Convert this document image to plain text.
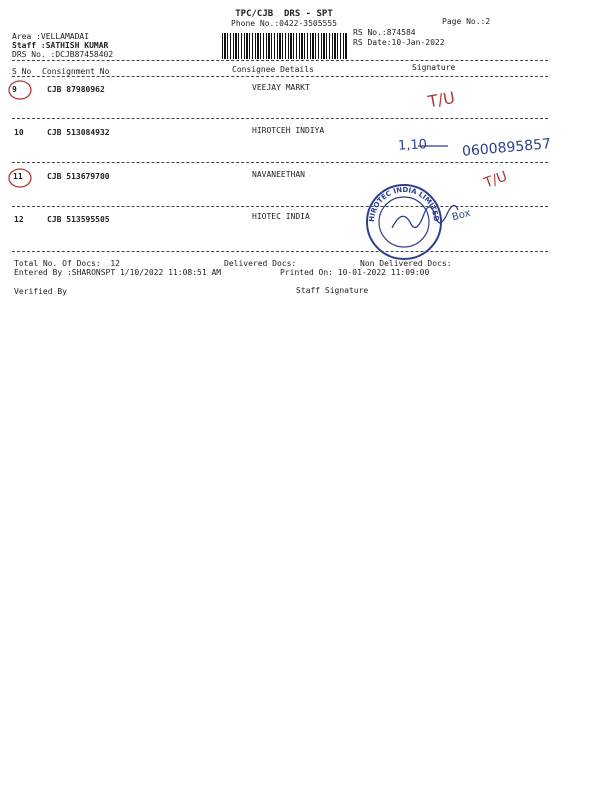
TPC/CJB  DRS - SPT
Phone No.:0422-3505555	Page No.:2
Area :VELLAMADAI
Staff :SATHISH KUMAR
DRS No. :DCJB87458402
RS No.:874584
RS Date:10-Jan-2022
S No Consignment No	Consignee Details	Signature
9	CJB 87980962	VEEJAY MARKT
10	CJB 513084932	HIROTCEH INDIYA
11	CJB 513679700	NAVANEETHAN
12	CJB 513595505	HIOTEC INDIA
Total No. Of Docs:  12	Delivered Docs:	Non Delivered Docs:
Entered By :SHARONSPT 1/10/2022 11:08:51 AM	Printed On: 10-01-2022 11:09:00
Verified By	Staff Signature
HIROTEC INDIA LIMITED
T/U
1,10 0600895857
T/U
Box
